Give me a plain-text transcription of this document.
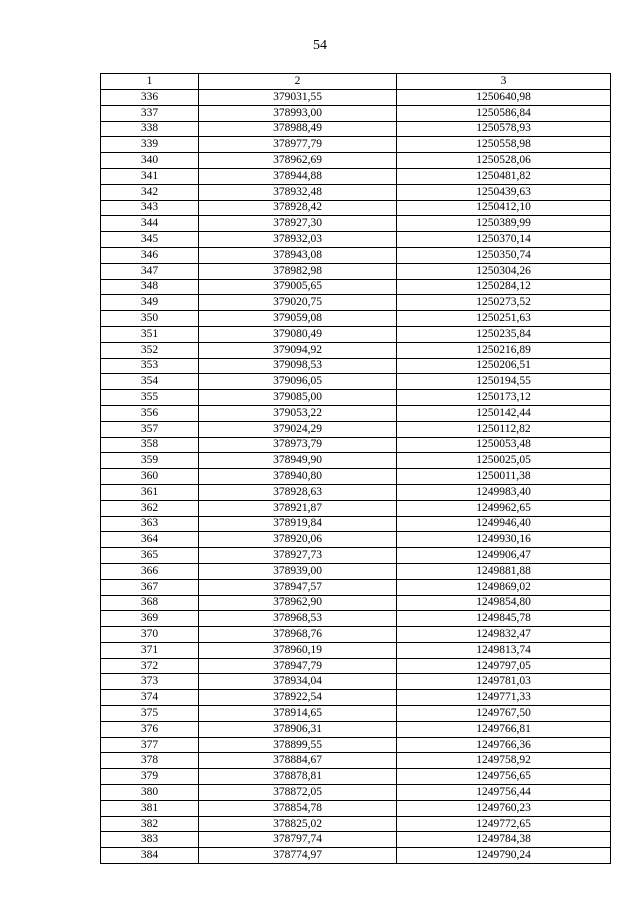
54
1	2	3
336	379031,55	1250640,98
337	378993,00	1250586,84
338	378988,49	1250578,93
339	378977,79	1250558,98
340	378962,69	1250528,06
341	378944,88	1250481,82
342	378932,48	1250439,63
343	378928,42	1250412,10
344	378927,30	1250389,99
345	378932,03	1250370,14
346	378943,08	1250350,74
347	378982,98	1250304,26
348	379005,65	1250284,12
349	379020,75	1250273,52
350	379059,08	1250251,63
351	379080,49	1250235,84
352	379094,92	1250216,89
353	379098,53	1250206,51
354	379096,05	1250194,55
355	379085,00	1250173,12
356	379053,22	1250142,44
357	379024,29	1250112,82
358	378973,79	1250053,48
359	378949,90	1250025,05
360	378940,80	1250011,38
361	378928,63	1249983,40
362	378921,87	1249962,65
363	378919,84	1249946,40
364	378920,06	1249930,16
365	378927,73	1249906,47
366	378939,00	1249881,88
367	378947,57	1249869,02
368	378962,90	1249854,80
369	378968,53	1249845,78
370	378968,76	1249832,47
371	378960,19	1249813,74
372	378947,79	1249797,05
373	378934,04	1249781,03
374	378922,54	1249771,33
375	378914,65	1249767,50
376	378906,31	1249766,81
377	378899,55	1249766,36
378	378884,67	1249758,92
379	378878,81	1249756,65
380	378872,05	1249756,44
381	378854,78	1249760,23
382	378825,02	1249772,65
383	378797,74	1249784,38
384	378774,97	1249790,24
